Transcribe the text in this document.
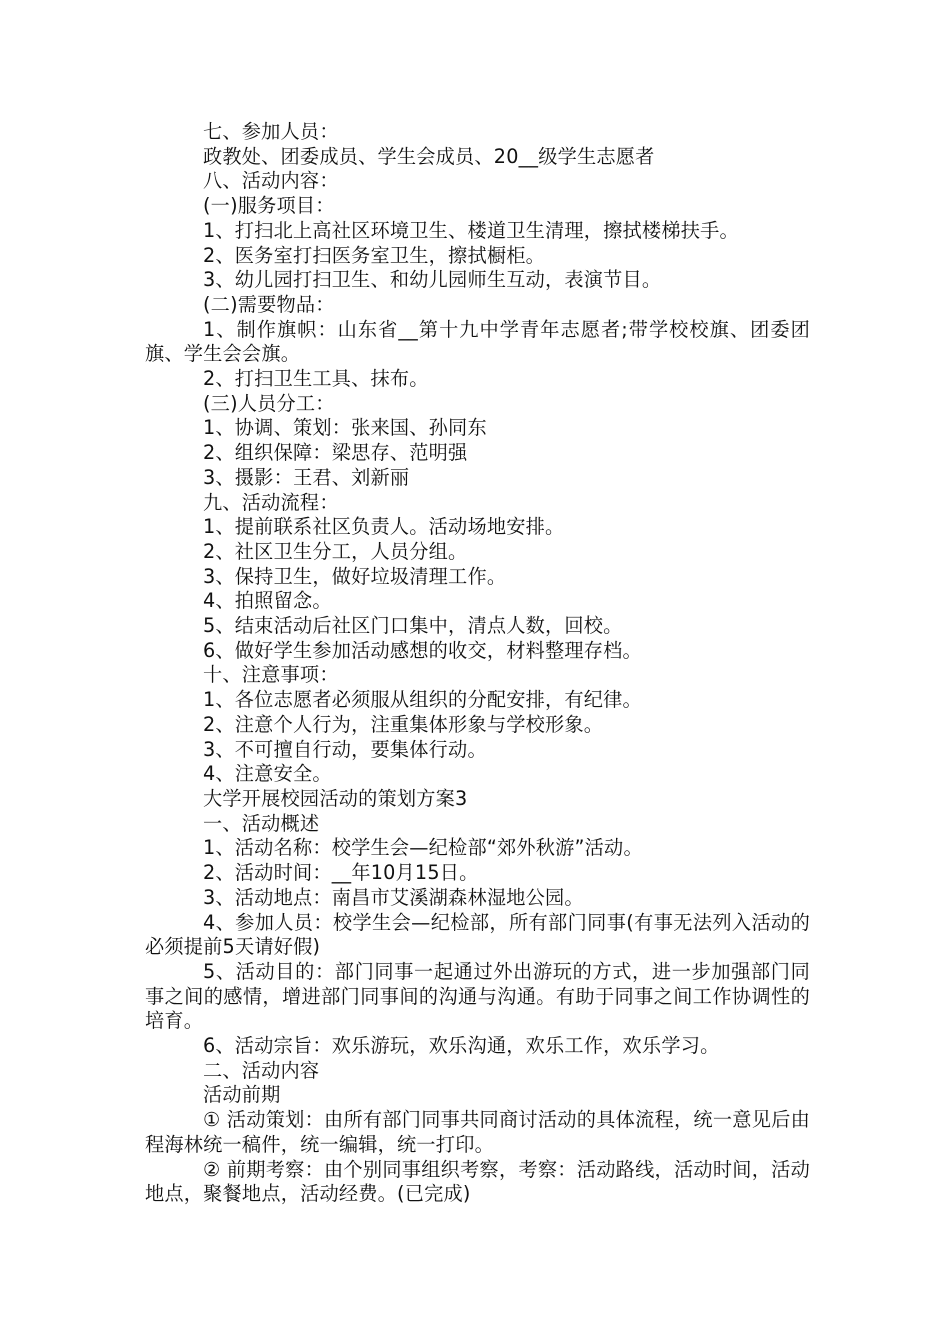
七、参加人员：

政教处、团委成员、学生会成员、20__级学生志愿者

八、活动内容：

(一)服务项目：

1、打扫北上高社区环境卫生、楼道卫生清理，擦拭楼梯扶手。

2、医务室打扫医务室卫生，擦拭橱柜。

3、幼儿园打扫卫生、和幼儿园师生互动，表演节目。

(二)需要物品：

1、制作旗帜：山东省__第十九中学青年志愿者;带学校校旗、团委团旗、学生会会旗。

2、打扫卫生工具、抹布。

(三)人员分工：

1、协调、策划：张来国、孙同东

2、组织保障：梁思存、范明强

3、摄影：王君、刘新丽

九、活动流程：

1、提前联系社区负责人。活动场地安排。

2、社区卫生分工，人员分组。

3、保持卫生，做好垃圾清理工作。

4、拍照留念。

5、结束活动后社区门口集中，清点人数，回校。

6、做好学生参加活动感想的收交，材料整理存档。

十、注意事项：

1、各位志愿者必须服从组织的分配安排，有纪律。

2、注意个人行为，注重集体形象与学校形象。

3、不可擅自行动，要集体行动。

4、注意安全。

大学开展校园活动的策划方案3

一、活动概述

1、活动名称：校学生会—纪检部“郊外秋游”活动。

2、活动时间：__年10月15日。

3、活动地点：南昌市艾溪湖森林湿地公园。

4、参加人员：校学生会—纪检部，所有部门同事(有事无法列入活动的必须提前5天请好假)

5、活动目的：部门同事一起通过外出游玩的方式，进一步加强部门同事之间的感情，增进部门同事间的沟通与沟通。有助于同事之间工作协调性的培育。

6、活动宗旨：欢乐游玩，欢乐沟通，欢乐工作，欢乐学习。

二、活动内容

活动前期

① 活动策划：由所有部门同事共同商讨活动的具体流程，统一意见后由程海林统一稿件，统一编辑，统一打印。

② 前期考察：由个别同事组织考察，考察：活动路线，活动时间，活动地点，聚餐地点，活动经费。(已完成)
